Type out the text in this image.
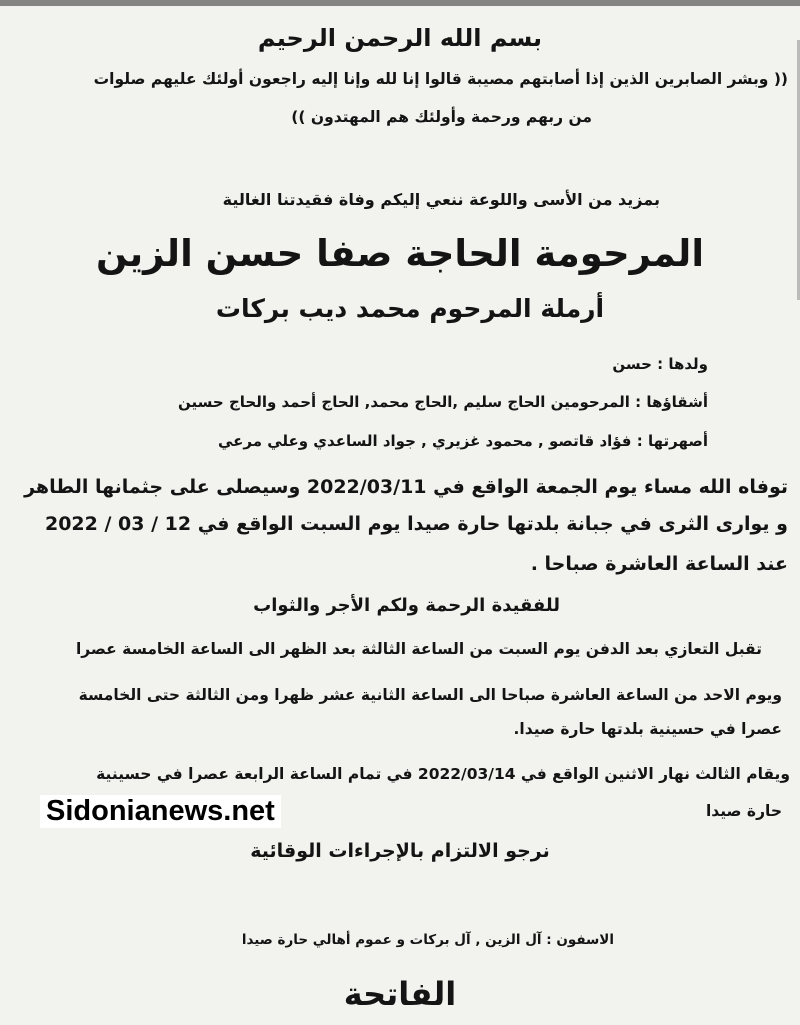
بسم الله الرحمن الرحيم

(( وبشر الصابرين الذين إذا أصابتهم مصيبة قالوا إنا لله وإنا إليه راجعون أولئك عليهم صلوات

من ربهم ورحمة وأولئك هم المهتدون ))

بمزيد من الأسى واللوعة ننعي إليكم وفاة فقيدتنا الغالية

المرحومة الحاجة صفا حسن الزين

أرملة المرحوم محمد ديب بركات

ولدها : حسن

أشقاؤها : المرحومين الحاج سليم ,الحاج محمد, الحاج أحمد والحاج حسين

أصهرتها : فؤاد قاتصو , محمود غزيري , جواد الساعدي وعلي مرعي

توفاه الله مساء يوم الجمعة الواقع في 2022/03/11 وسيصلى على جثمانها الطاهر

و يوارى الثرى في جبانة بلدتها حارة صيدا يوم السبت الواقع في 12 / 03 / 2022

عند الساعة العاشرة صباحا .

للفقيدة الرحمة ولكم الأجر والثواب

تقبل التعازي بعد الدفن يوم السبت من الساعة الثالثة بعد الظهر الى الساعة الخامسة عصرا

ويوم الاحد من الساعة العاشرة صباحا الى الساعة الثانية عشر ظهرا ومن الثالثة حتى الخامسة

عصرا في حسينية بلدتها حارة صيدا.

ويقام الثالث نهار الاثنين الواقع في 2022/03/14 في تمام الساعة الرابعة عصرا في حسينية

حارة صيدا

Sidonianews.net

نرجو الالتزام بالإجراءات الوقائية

الاسفون : آل الزين , آل بركات و عموم أهالي حارة صيدا

الفاتحة
